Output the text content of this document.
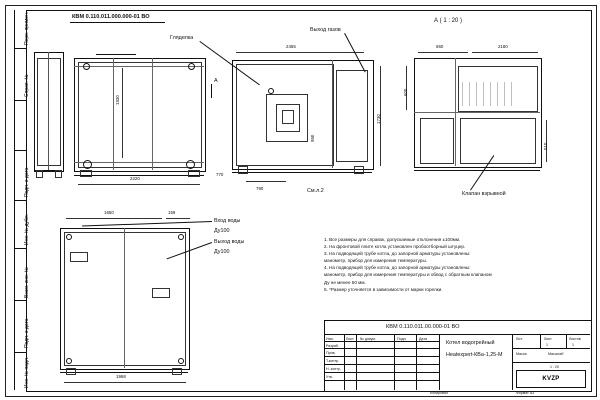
Перв. примен.
Справ. №
Подп. и дата
Инв. № дубл.
Взам. инв. №
Подп. и дата
Инв. № подл.
КВМ 0.110.011.000.000-01 ВО
1930
2220
А
2455
1730
790
950
770
Гляделка
Выход газов
См.л.2
А ( 1 : 20 )
660	2180
600
510
Клапан взрывной
1650	159
1968
Вход воды
Ду100
Выход воды
Ду100
1. Все размеры для справок, допускаемые отклонения ±100мм.
2. На фронтовой плите котла установлен пробоотборный штуцер.
3. На подводящей трубе котла, до запорной арматуры установлены:
манометр, прибор для измерения температуры.
4. На подводящей трубе котла, до запорной арматуры установлены:
манометр, прибор для измерения температуры и обвод с обратным клапаном
Ду не менее 50 мм.
5. *Размер уточняется в зависимости от марки горелки.
КВМ 0.110.011.00.000-01 ВО
Изм.	Лист № докум.	Подп.	Дата
Разраб.
Пров.
Т.контр.
Н. контр.
Утв.
Котел водогрейный
Heatexpert-КВа-1,25-М
Лит.	Лист	Листов
1	1
Масса	Масштаб
1 : 20
KVZP
Формат A3
Копировал
